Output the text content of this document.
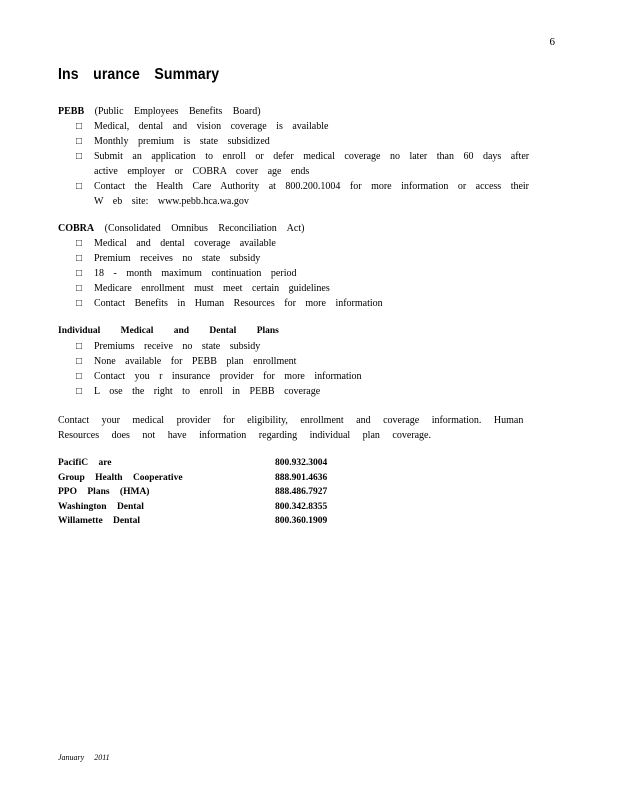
6
Ins urance Summary
PEBB (Public Employees Benefits Board)
□ Medical, dental and vision coverage is available
□ Monthly premium is state subsidized
□ Submit an application to enroll or defer medical coverage no later than 60 days after active employer or COBRA cover age ends
□ Contact the Health Care Authority at 800.200.1004 for more information or access their W eb site: www.pebb.hca.wa.gov
COBRA (Consolidated Omnibus Reconciliation Act)
□ Medical and dental coverage available
□ Premium receives no state subsidy
□ 18 - month maximum continuation period
□ Medicare enrollment must meet certain guidelines
□ Contact Benefits in Human Resources for more information
Individual Medical and Dental Plans
□ Premiums receive no state subsidy
□ None available for PEBB plan enrollment
□ Contact you r insurance provider for more information
□ L ose the right to enroll in PEBB coverage
Contact your medical provider for eligibility, enrollment and coverage information. Human Resources does not have information regarding individual plan coverage.
PacifiC are	800.932.3004
Group Health Cooperative	888.901.4636
PPO Plans (HMA)	888.486.7927
Washington Dental	800.342.8355
Willamette Dental	800.360.1909
January 2011
